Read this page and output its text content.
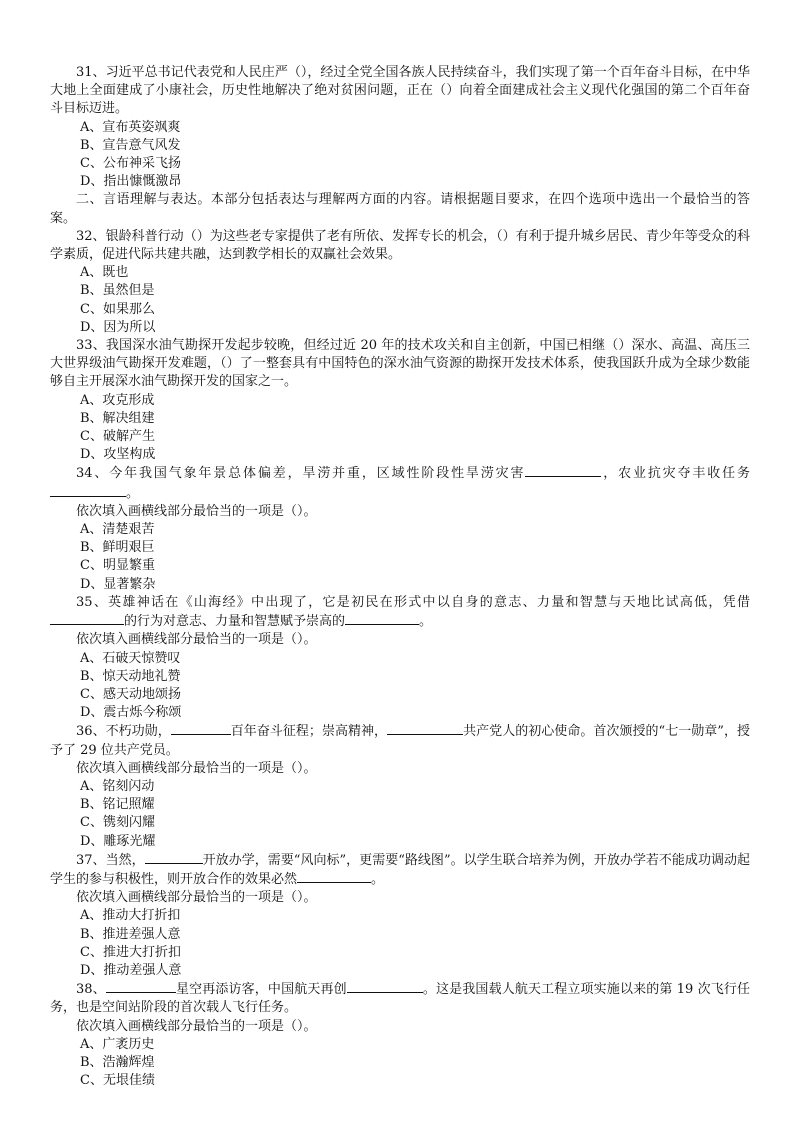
31、习近平总书记代表党和人民庄严（），经过全党全国各族人民持续奋斗，我们实现了第一个百年奋斗目标，在中华大地上全面建成了小康社会，历史性地解决了绝对贫困问题，正在（）向着全面建成社会主义现代化强国的第二个百年奋斗目标迈进。

A、宣布英姿飒爽

B、宣告意气风发

C、公布神采飞扬

D、指出慷慨激昂

二、言语理解与表达。本部分包括表达与理解两方面的内容。请根据题目要求，在四个选项中选出一个最恰当的答案。

32、银龄科普行动（）为这些老专家提供了老有所依、发挥专长的机会，（）有利于提升城乡居民、青少年等受众的科学素质，促进代际共建共融，达到教学相长的双赢社会效果。

A、既也

B、虽然但是

C、如果那么

D、因为所以

33、我国深水油气勘探开发起步较晚，但经过近 20 年的技术攻关和自主创新，中国已相继（）深水、高温、高压三大世界级油气勘探开发难题，（）了一整套具有中国特色的深水油气资源的勘探开发技术体系，使我国跃升成为全球少数能够自主开展深水油气勘探开发的国家之一。

A、攻克形成

B、解决组建

C、破解产生

D、攻坚构成

34、今年我国气象年景总体偏差，旱涝并重，区域性阶段性旱涝灾害	，农业抗灾夺丰收任务。

依次填入画横线部分最恰当的一项是（）。

A、清楚艰苦

B、鲜明艰巨

C、明显繁重

D、显著繁杂

35、英雄神话在《山海经》中出现了，它是初民在形式中以自身的意志、力量和智慧与天地比试高低，凭借的行为对意志、力量和智慧赋予崇高的	。

依次填入画横线部分最恰当的一项是（）。

A、石破天惊赞叹

B、惊天动地礼赞

C、感天动地颂扬

D、震古烁今称颂

36、不朽功勋，	百年奋斗征程；崇高精神，	共产党人的初心使命。首次颁授的“七一勋章”，授予了 29 位共产党员。

依次填入画横线部分最恰当的一项是（）。

A、铭刻闪动

B、铭记照耀

C、镌刻闪耀

D、雕琢光耀

37、当然，	开放办学，需要“风向标”，更需要“路线图”。以学生联合培养为例，开放办学若不能成功调动起学生的参与积极性，则开放合作的效果必然	。

依次填入画横线部分最恰当的一项是（）。

A、推动大打折扣

B、推进差强人意

C、推进大打折扣

D、推动差强人意

38、	星空再添访客，中国航天再创	。这是我国载人航天工程立项实施以来的第 19 次飞行任务，也是空间站阶段的首次载人飞行任务。

依次填入画横线部分最恰当的一项是（）。

A、广袤历史

B、浩瀚辉煌

C、无垠佳绩
